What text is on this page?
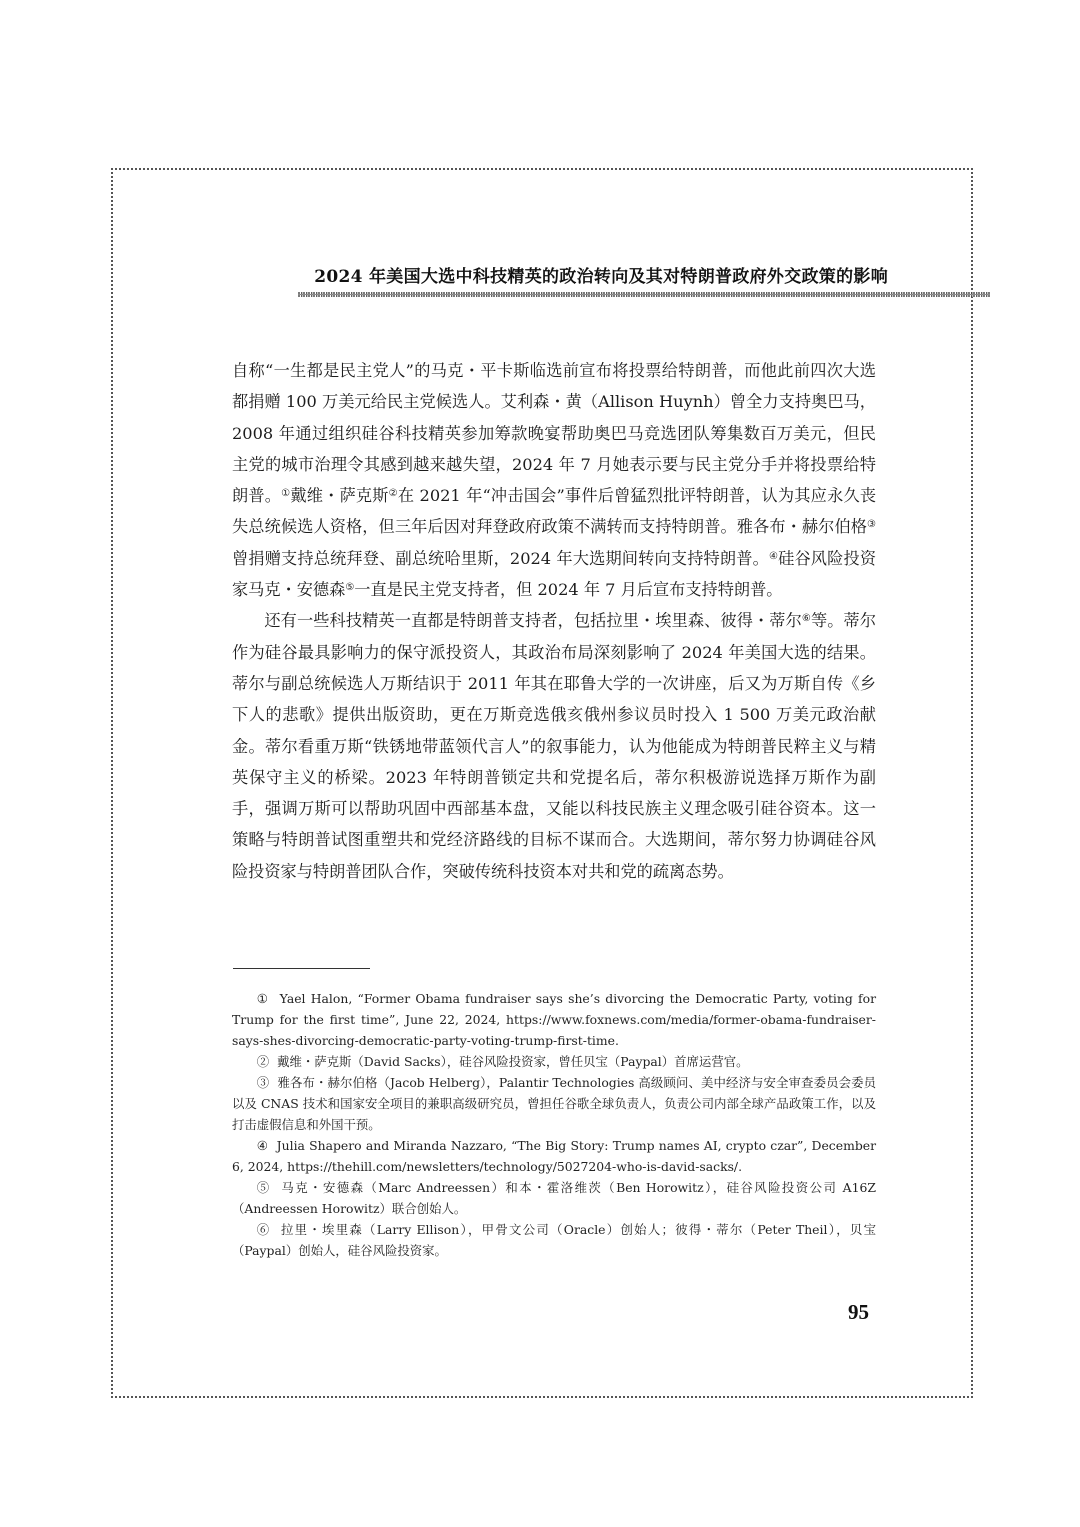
2024 年美国大选中科技精英的政治转向及其对特朗普政府外交政策的影响

自称“一生都是民主党人”的马克・平卡斯临选前宣布将投票给特朗普，而他此前四次大选都捐赠 100 万美元给民主党候选人。艾利森・黄（Allison Huynh）曾全力支持奥巴马，2008 年通过组织硅谷科技精英参加筹款晚宴帮助奥巴马竞选团队筹集数百万美元，但民主党的城市治理令其感到越来越失望，2024 年 7 月她表示要与民主党分手并将投票给特朗普。①戴维・萨克斯②在 2021 年“冲击国会”事件后曾猛烈批评特朗普，认为其应永久丧失总统候选人资格，但三年后因对拜登政府政策不满转而支持特朗普。雅各布・赫尔伯格③曾捐赠支持总统拜登、副总统哈里斯，2024 年大选期间转向支持特朗普。④硅谷风险投资家马克・安德森⑤一直是民主党支持者，但 2024 年 7 月后宣布支持特朗普。

还有一些科技精英一直都是特朗普支持者，包括拉里・埃里森、彼得・蒂尔⑥等。蒂尔作为硅谷最具影响力的保守派投资人，其政治布局深刻影响了 2024 年美国大选的结果。蒂尔与副总统候选人万斯结识于 2011 年其在耶鲁大学的一次讲座，后又为万斯自传《乡下人的悲歌》提供出版资助，更在万斯竞选俄亥俄州参议员时投入 1 500 万美元政治献金。蒂尔看重万斯“铁锈地带蓝领代言人”的叙事能力，认为他能成为特朗普民粹主义与精英保守主义的桥梁。2023 年特朗普锁定共和党提名后，蒂尔积极游说选择万斯作为副手，强调万斯可以帮助巩固中西部基本盘，又能以科技民族主义理念吸引硅谷资本。这一策略与特朗普试图重塑共和党经济路线的目标不谋而合。大选期间，蒂尔努力协调硅谷风险投资家与特朗普团队合作，突破传统科技资本对共和党的疏离态势。

① Yael Halon, “Former Obama fundraiser says she’s divorcing the Democratic Party, voting for Trump for the first time”, June 22, 2024, https://www.foxnews.com/media/former-obama-fundraiser-says-shes-divorcing-democratic-party-voting-trump-first-time.

② 戴维・萨克斯（David Sacks），硅谷风险投资家，曾任贝宝（Paypal）首席运营官。

③ 雅各布・赫尔伯格（Jacob Helberg），Palantir Technologies 高级顾问、美中经济与安全审查委员会委员以及 CNAS 技术和国家安全项目的兼职高级研究员，曾担任谷歌全球负责人，负责公司内部全球产品政策工作，以及打击虚假信息和外国干预。

④ Julia Shapero and Miranda Nazzaro, “The Big Story: Trump names AI, crypto czar”, December 6, 2024, https://thehill.com/newsletters/technology/5027204-who-is-david-sacks/.

⑤ 马克・安德森（Marc Andreessen）和本・霍洛维茨（Ben Horowitz），硅谷风险投资公司 A16Z（Andreessen Horowitz）联合创始人。

⑥ 拉里・埃里森（Larry Ellison），甲骨文公司（Oracle）创始人；彼得・蒂尔（Peter Theil），贝宝（Paypal）创始人，硅谷风险投资家。

95
